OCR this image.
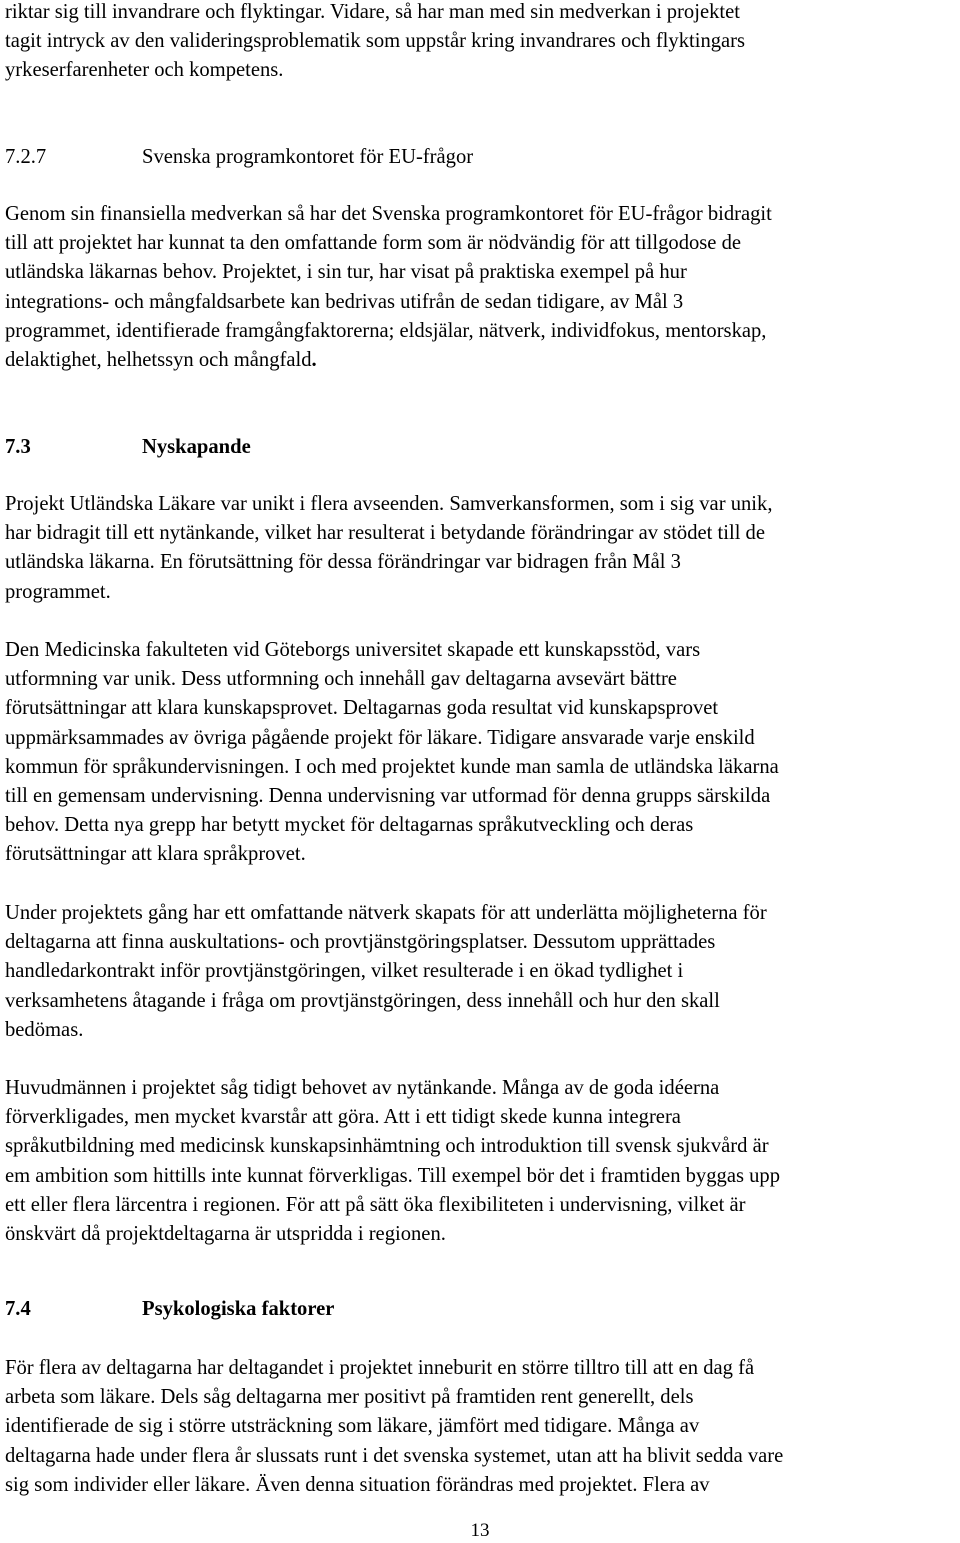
riktar sig till invandrare och flyktingar. Vidare, så har man med sin medverkan i projektet
tagit intryck av den valideringsproblematik som uppstår kring invandrares och flyktingars
yrkeserfarenheter och kompetens.

7.2.7	Svenska programkontoret för EU-frågor

Genom sin finansiella medverkan så har det Svenska programkontoret för EU-frågor bidragit
till att projektet har kunnat ta den omfattande form som är nödvändig för att tillgodose de
utländska läkarnas behov. Projektet, i sin tur, har visat på praktiska exempel på hur
integrations- och mångfaldsarbete kan bedrivas utifrån de sedan tidigare, av Mål 3
programmet, identifierade framgångfaktorerna; eldsjälar, nätverk, individfokus, mentorskap,
delaktighet, helhetssyn och mångfald.

7.3	Nyskapande

Projekt Utländska Läkare var unikt i flera avseenden. Samverkansformen, som i sig var unik,
har bidragit till ett nytänkande, vilket har resulterat i betydande förändringar av stödet till de
utländska läkarna. En förutsättning för dessa förändringar var bidragen från Mål 3
programmet.

Den Medicinska fakulteten vid Göteborgs universitet skapade ett kunskapsstöd, vars
utformning var unik. Dess utformning och innehåll gav deltagarna avsevärt bättre
förutsättningar att klara kunskapsprovet. Deltagarnas goda resultat vid kunskapsprovet
uppmärksammades av övriga pågående projekt för läkare. Tidigare ansvarade varje enskild
kommun för språkundervisningen. I och med projektet kunde man samla de utländska läkarna
till en gemensam undervisning. Denna undervisning var utformad för denna grupps särskilda
behov. Detta nya grepp har betytt mycket för deltagarnas språkutveckling och deras
förutsättningar att klara språkprovet.

Under projektets gång har ett omfattande nätverk skapats för att underlätta möjligheterna för
deltagarna att finna auskultations- och provtjänstgöringsplatser. Dessutom upprättades
handledarkontrakt inför provtjänstgöringen, vilket resulterade i en ökad tydlighet i
verksamhetens åtagande i fråga om provtjänstgöringen, dess innehåll och hur den skall
bedömas.

Huvudmännen i projektet såg tidigt behovet av nytänkande. Många av de goda idéerna
förverkligades, men mycket kvarstår att göra. Att i ett tidigt skede kunna integrera
språkutbildning med medicinsk kunskapsinhämtning och introduktion till svensk sjukvård är
em ambition som hittills inte kunnat förverkligas. Till exempel bör det i framtiden byggas upp
ett eller flera lärcentra i regionen. För att på sätt öka flexibiliteten i undervisning, vilket är
önskvärt då projektdeltagarna är utspridda i regionen.

7.4	Psykologiska faktorer

För flera av deltagarna har deltagandet i projektet inneburit en större tilltro till att en dag få
arbeta som läkare. Dels såg deltagarna mer positivt på framtiden rent generellt, dels
identifierade de sig i större utsträckning som läkare, jämfört med tidigare. Många av
deltagarna hade under flera år slussats runt i det svenska systemet, utan att ha blivit sedda vare
sig som individer eller läkare. Även denna situation förändras med projektet. Flera av

13
